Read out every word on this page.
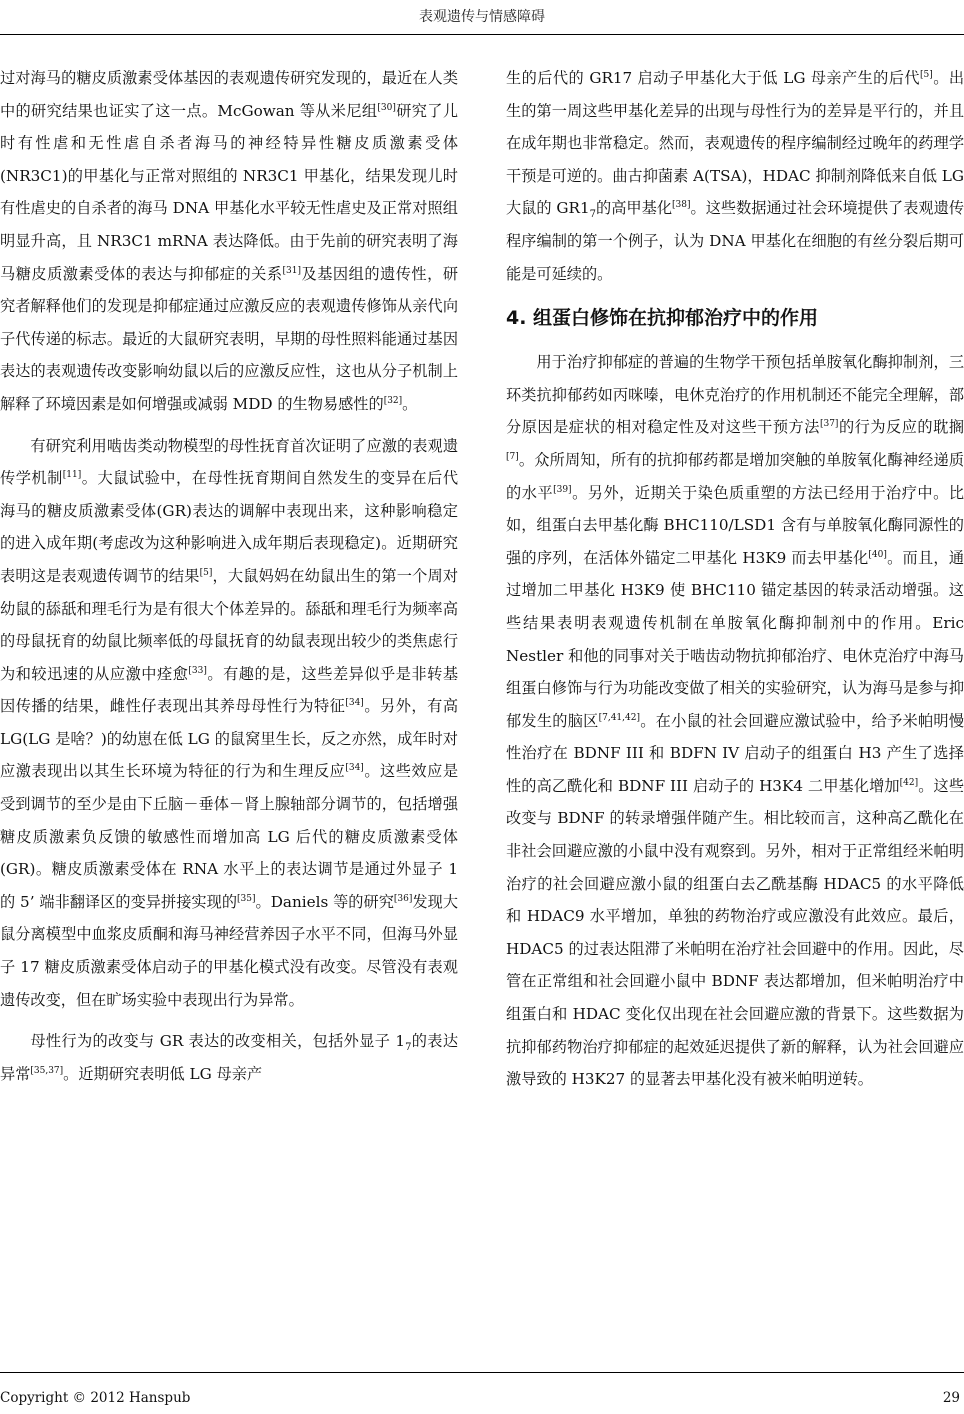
表观遗传与情感障碍

过对海马的糖皮质激素受体基因的表观遗传研究发现的，最近在人类中的研究结果也证实了这一点。McGowan 等从米尼组[30]研究了儿时有性虐和无性虐自杀者海马的神经特异性糖皮质激素受体(NR3C1)的甲基化与正常对照组的 NR3C1 甲基化，结果发现儿时有性虐史的自杀者的海马 DNA 甲基化水平较无性虐史及正常对照组明显升高，且 NR3C1 mRNA 表达降低。由于先前的研究表明了海马糖皮质激素受体的表达与抑郁症的关系[31]及基因组的遗传性，研究者解释他们的发现是抑郁症通过应激反应的表观遗传修饰从亲代向子代传递的标志。最近的大鼠研究表明，早期的母性照料能通过基因表达的表观遗传改变影响幼鼠以后的应激反应性，这也从分子机制上解释了环境因素是如何增强或减弱 MDD 的生物易感性的[32]。

有研究利用啮齿类动物模型的母性抚育首次证明了应激的表观遗传学机制[11]。大鼠试验中，在母性抚育期间自然发生的变异在后代海马的糖皮质激素受体(GR)表达的调解中表现出来，这种影响稳定的进入成年期(考虑改为这种影响进入成年期后表现稳定)。近期研究表明这是表观遗传调节的结果[5]，大鼠妈妈在幼鼠出生的第一个周对幼鼠的舔舐和理毛行为是有很大个体差异的。舔舐和理毛行为频率高的母鼠抚育的幼鼠比频率低的母鼠抚育的幼鼠表现出较少的类焦虑行为和较迅速的从应激中痊愈[33]。有趣的是，这些差异似乎是非转基因传播的结果，雌性仔表现出其养母母性行为特征[34]。另外，有高 LG(LG 是啥？)的幼崽在低 LG 的鼠窝里生长，反之亦然，成年时对应激表现出以其生长环境为特征的行为和生理反应[34]。这些效应是受到调节的至少是由下丘脑－垂体－肾上腺轴部分调节的，包括增强糖皮质激素负反馈的敏感性而增加高 LG 后代的糖皮质激素受体(GR)。糖皮质激素受体在 RNA 水平上的表达调节是通过外显子 1 的 5’ 端非翻译区的变异拼接实现的[35]。Daniels 等的研究[36]发现大鼠分离模型中血浆皮质酮和海马神经营养因子水平不同，但海马外显子 17 糖皮质激素受体启动子的甲基化模式没有改变。尽管没有表观遗传改变，但在旷场实验中表现出行为异常。

母性行为的改变与 GR 表达的改变相关，包括外显子 $1_7$的表达异常[35,37]。近期研究表明低 LG 母亲产

生的后代的 GR17 启动子甲基化大于低 LG 母亲产生的后代[5]。出生的第一周这些甲基化差异的出现与母性行为的差异是平行的，并且在成年期也非常稳定。然而，表观遗传的程序编制经过晚年的药理学干预是可逆的。曲古抑菌素 A(TSA)，HDAC 抑制剂降低来自低 LG 大鼠的 $GR1_7$的高甲基化[38]。这些数据通过社会环境提供了表观遗传程序编制的第一个例子，认为 DNA 甲基化在细胞的有丝分裂后期可能是可延续的。

4. 组蛋白修饰在抗抑郁治疗中的作用

用于治疗抑郁症的普遍的生物学干预包括单胺氧化酶抑制剂，三环类抗抑郁药如丙咪嗪，电休克治疗的作用机制还不能完全理解，部分原因是症状的相对稳定性及对这些干预方法[37]的行为反应的耽搁[7]。众所周知，所有的抗抑郁药都是增加突触的单胺氧化酶神经递质的水平[39]。另外，近期关于染色质重塑的方法已经用于治疗中。比如，组蛋白去甲基化酶 BHC110/LSD1 含有与单胺氧化酶同源性的强的序列，在活体外锚定二甲基化 H3K9 而去甲基化[40]。而且，通过增加二甲基化 H3K9 使 BHC110 锚定基因的转录活动增强。这些结果表明表观遗传机制在单胺氧化酶抑制剂中的作用。Eric Nestler 和他的同事对关于啮齿动物抗抑郁治疗、电休克治疗中海马组蛋白修饰与行为功能改变做了相关的实验研究，认为海马是参与抑郁发生的脑区[7,41,42]。在小鼠的社会回避应激试验中，给予米帕明慢性治疗在 BDNF III 和 BDFN IV 启动子的组蛋白 H3 产生了选择性的高乙酰化和 BDNF III 启动子的 H3K4 二甲基化增加[42]。这些改变与 BDNF 的转录增强伴随产生。相比较而言，这种高乙酰化在非社会回避应激的小鼠中没有观察到。另外，相对于正常组经米帕明治疗的社会回避应激小鼠的组蛋白去乙酰基酶 HDAC5 的水平降低和 HDAC9 水平增加，单独的药物治疗或应激没有此效应。最后，HDAC5 的过表达阻滞了米帕明在治疗社会回避中的作用。因此，尽管在正常组和社会回避小鼠中 BDNF 表达都增加，但米帕明治疗中组蛋白和 HDAC 变化仅出现在社会回避应激的背景下。这些数据为抗抑郁药物治疗抑郁症的起效延迟提供了新的解释，认为社会回避应激导致的 H3K27 的显著去甲基化没有被米帕明逆转。

Copyright © 2012 Hanspub	29
